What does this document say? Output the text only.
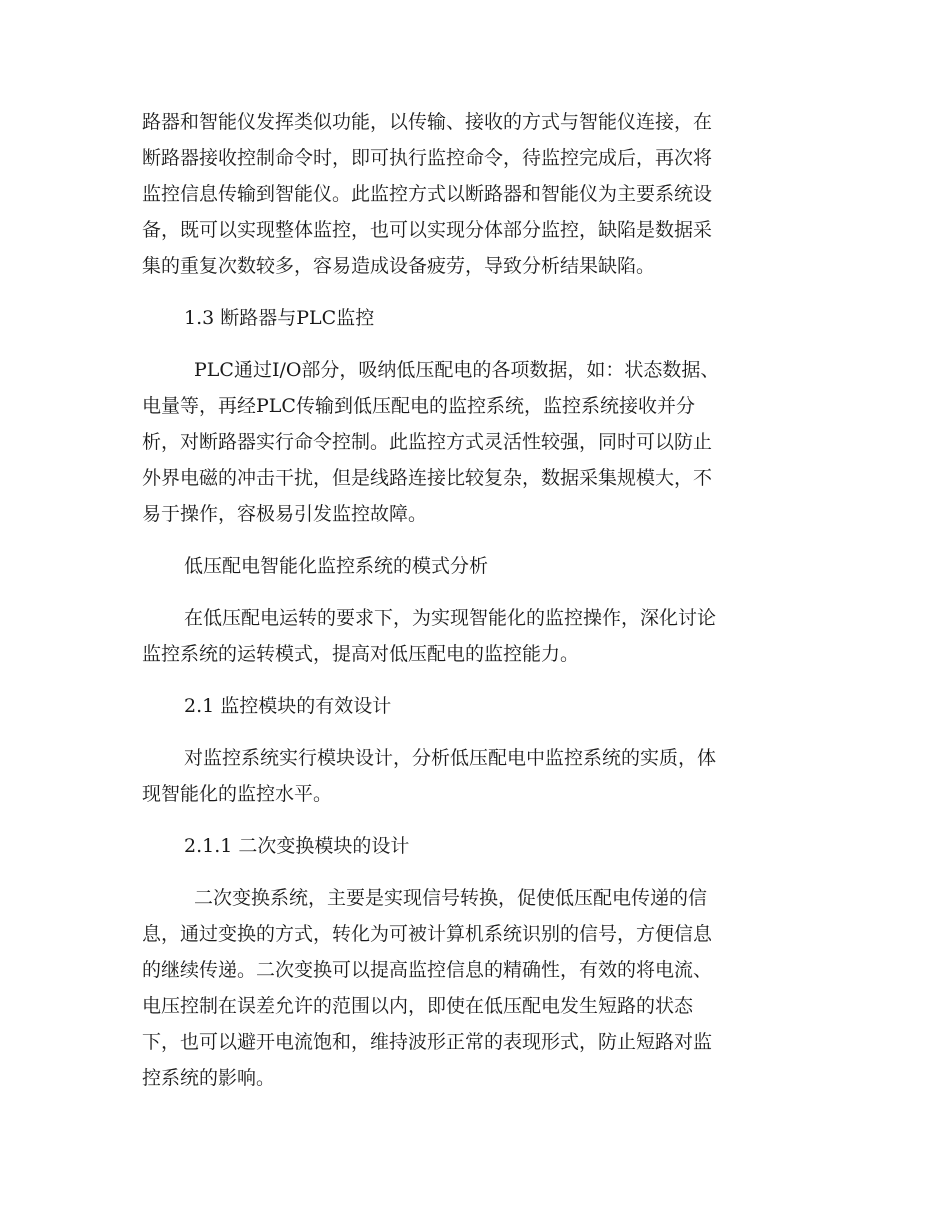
路器和智能仪发挥类似功能，以传输、接收的方式与智能仪连接，在
断路器接收控制命令时，即可执行监控命令，待监控完成后，再次将
监控信息传输到智能仪。此监控方式以断路器和智能仪为主要系统设
备，既可以实现整体监控，也可以实现分体部分监控，缺陷是数据采
集的重复次数较多，容易造成设备疲劳，导致分析结果缺陷。
1.3 断路器与PLC监控
PLC通过I/O部分，吸纳低压配电的各项数据，如：状态数据、
电量等，再经PLC传输到低压配电的监控系统，监控系统接收并分
析，对断路器实行命令控制。此监控方式灵活性较强，同时可以防止
外界电磁的冲击干扰，但是线路连接比较复杂，数据采集规模大，不
易于操作，容极易引发监控故障。
低压配电智能化监控系统的模式分析
在低压配电运转的要求下，为实现智能化的监控操作，深化讨论
监控系统的运转模式，提高对低压配电的监控能力。
2.1 监控模块的有效设计
对监控系统实行模块设计，分析低压配电中监控系统的实质，体
现智能化的监控水平。
2.1.1 二次变换模块的设计
二次变换系统，主要是实现信号转换，促使低压配电传递的信
息，通过变换的方式，转化为可被计算机系统识别的信号，方便信息
的继续传递。二次变换可以提高监控信息的精确性，有效的将电流、
电压控制在误差允许的范围以内，即使在低压配电发生短路的状态
下，也可以避开电流饱和，维持波形正常的表现形式，防止短路对监
控系统的影响。
